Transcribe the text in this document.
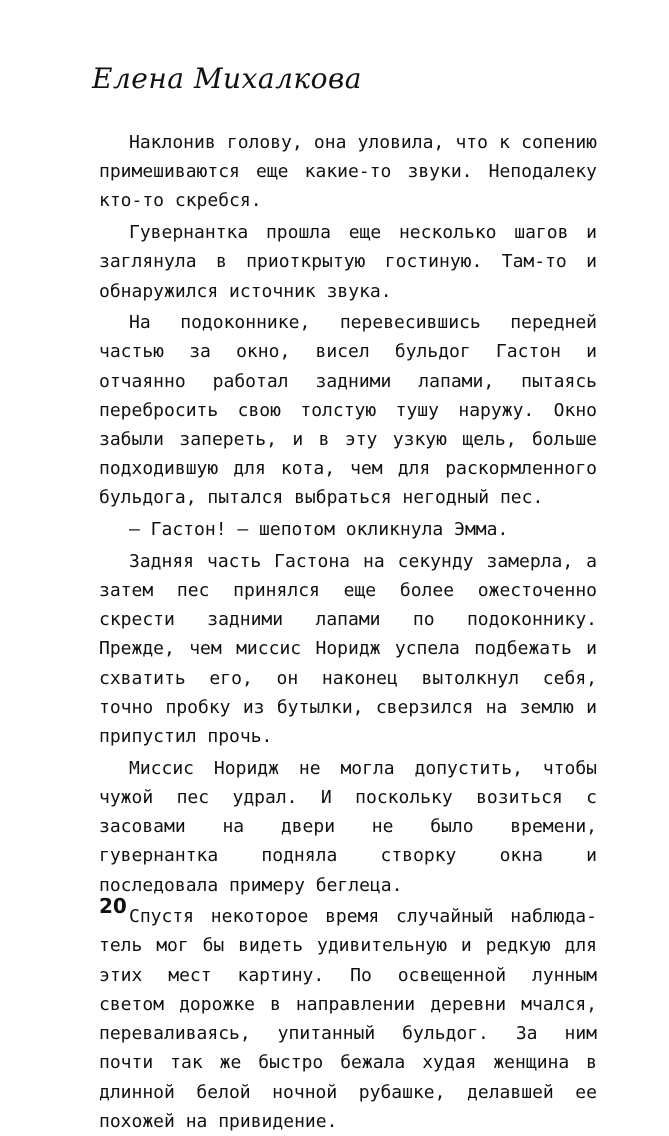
Елена Михалкова

Наклонив голову, она уловила, что к сопению примешиваются еще какие-то звуки. Неподалеку кто-то скребся.

Гувернантка прошла еще несколько шагов и заглянула в приоткрытую гостиную. Там-то и обнаружился источник звука.

На подоконнике, перевесившись передней частью за окно, висел бульдог Гастон и отчаянно работал задними лапами, пытаясь перебросить свою толстую тушу наружу. Окно забыли запереть, и в эту узкую щель, больше подходившую для кота, чем для раскормленного бульдога, пытался выбраться негодный пес.

— Гастон! — шепотом окликнула Эмма.

Задняя часть Гастона на секунду замерла, а затем пес принялся еще более ожесточенно скрести задними лапами по подоконнику. Прежде, чем миссис Норидж успела подбежать и схватить его, он наконец вытолкнул себя, точно пробку из бутылки, сверзился на землю и припустил прочь.

Миссис Норидж не могла допустить, чтобы чужой пес удрал. И поскольку возиться с засовами на двери не было времени, гувернантка подняла створку окна и последовала примеру беглеца.

Спустя некоторое время случайный наблюдатель мог бы видеть удивительную и редкую для этих мест картину. По освещенной лунным светом дорожке в направлении деревни мчался, переваливаясь, упитанный бульдог. За ним почти так же быстро бежала худая женщина в длинной белой ночной рубашке, делавшей ее похожей на привидение.

20
